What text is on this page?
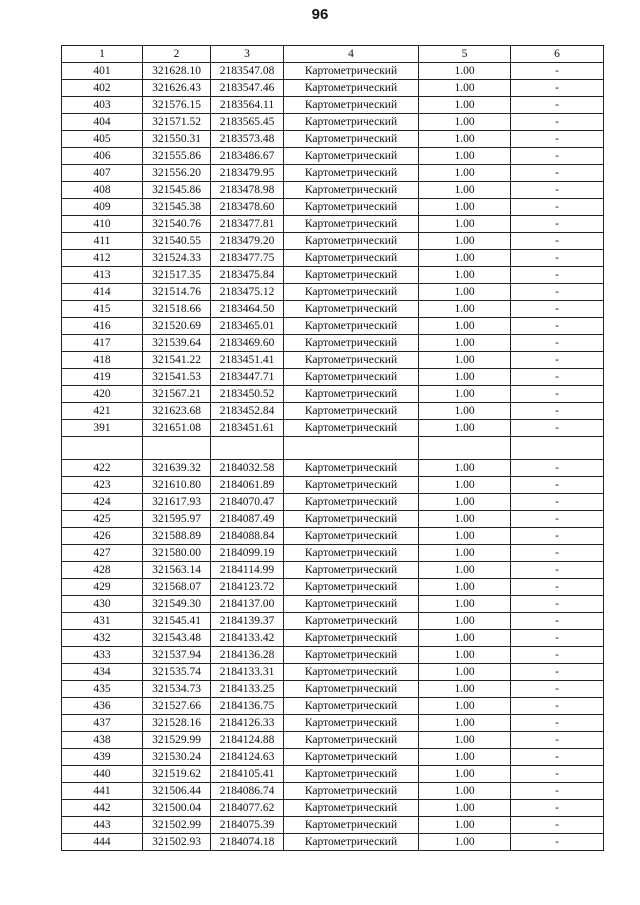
96
1	2	3	4	5	6
401	321628.10	2183547.08	Картометрический	1.00	-
402	321626.43	2183547.46	Картометрический	1.00	-
403	321576.15	2183564.11	Картометрический	1.00	-
404	321571.52	2183565.45	Картометрический	1.00	-
405	321550.31	2183573.48	Картометрический	1.00	-
406	321555.86	2183486.67	Картометрический	1.00	-
407	321556.20	2183479.95	Картометрический	1.00	-
408	321545.86	2183478.98	Картометрический	1.00	-
409	321545.38	2183478.60	Картометрический	1.00	-
410	321540.76	2183477.81	Картометрический	1.00	-
411	321540.55	2183479.20	Картометрический	1.00	-
412	321524.33	2183477.75	Картометрический	1.00	-
413	321517.35	2183475.84	Картометрический	1.00	-
414	321514.76	2183475.12	Картометрический	1.00	-
415	321518.66	2183464.50	Картометрический	1.00	-
416	321520.69	2183465.01	Картометрический	1.00	-
417	321539.64	2183469.60	Картометрический	1.00	-
418	321541.22	2183451.41	Картометрический	1.00	-
419	321541.53	2183447.71	Картометрический	1.00	-
420	321567.21	2183450.52	Картометрический	1.00	-
421	321623.68	2183452.84	Картометрический	1.00	-
391	321651.08	2183451.61	Картометрический	1.00	-

422	321639.32	2184032.58	Картометрический	1.00	-
423	321610.80	2184061.89	Картометрический	1.00	-
424	321617.93	2184070.47	Картометрический	1.00	-
425	321595.97	2184087.49	Картометрический	1.00	-
426	321588.89	2184088.84	Картометрический	1.00	-
427	321580.00	2184099.19	Картометрический	1.00	-
428	321563.14	2184114.99	Картометрический	1.00	-
429	321568.07	2184123.72	Картометрический	1.00	-
430	321549.30	2184137.00	Картометрический	1.00	-
431	321545.41	2184139.37	Картометрический	1.00	-
432	321543.48	2184133.42	Картометрический	1.00	-
433	321537.94	2184136.28	Картометрический	1.00	-
434	321535.74	2184133.31	Картометрический	1.00	-
435	321534.73	2184133.25	Картометрический	1.00	-
436	321527.66	2184136.75	Картометрический	1.00	-
437	321528.16	2184126.33	Картометрический	1.00	-
438	321529.99	2184124.88	Картометрический	1.00	-
439	321530.24	2184124.63	Картометрический	1.00	-
440	321519.62	2184105.41	Картометрический	1.00	-
441	321506.44	2184086.74	Картометрический	1.00	-
442	321500.04	2184077.62	Картометрический	1.00	-
443	321502.99	2184075.39	Картометрический	1.00	-
444	321502.93	2184074.18	Картометрический	1.00	-
